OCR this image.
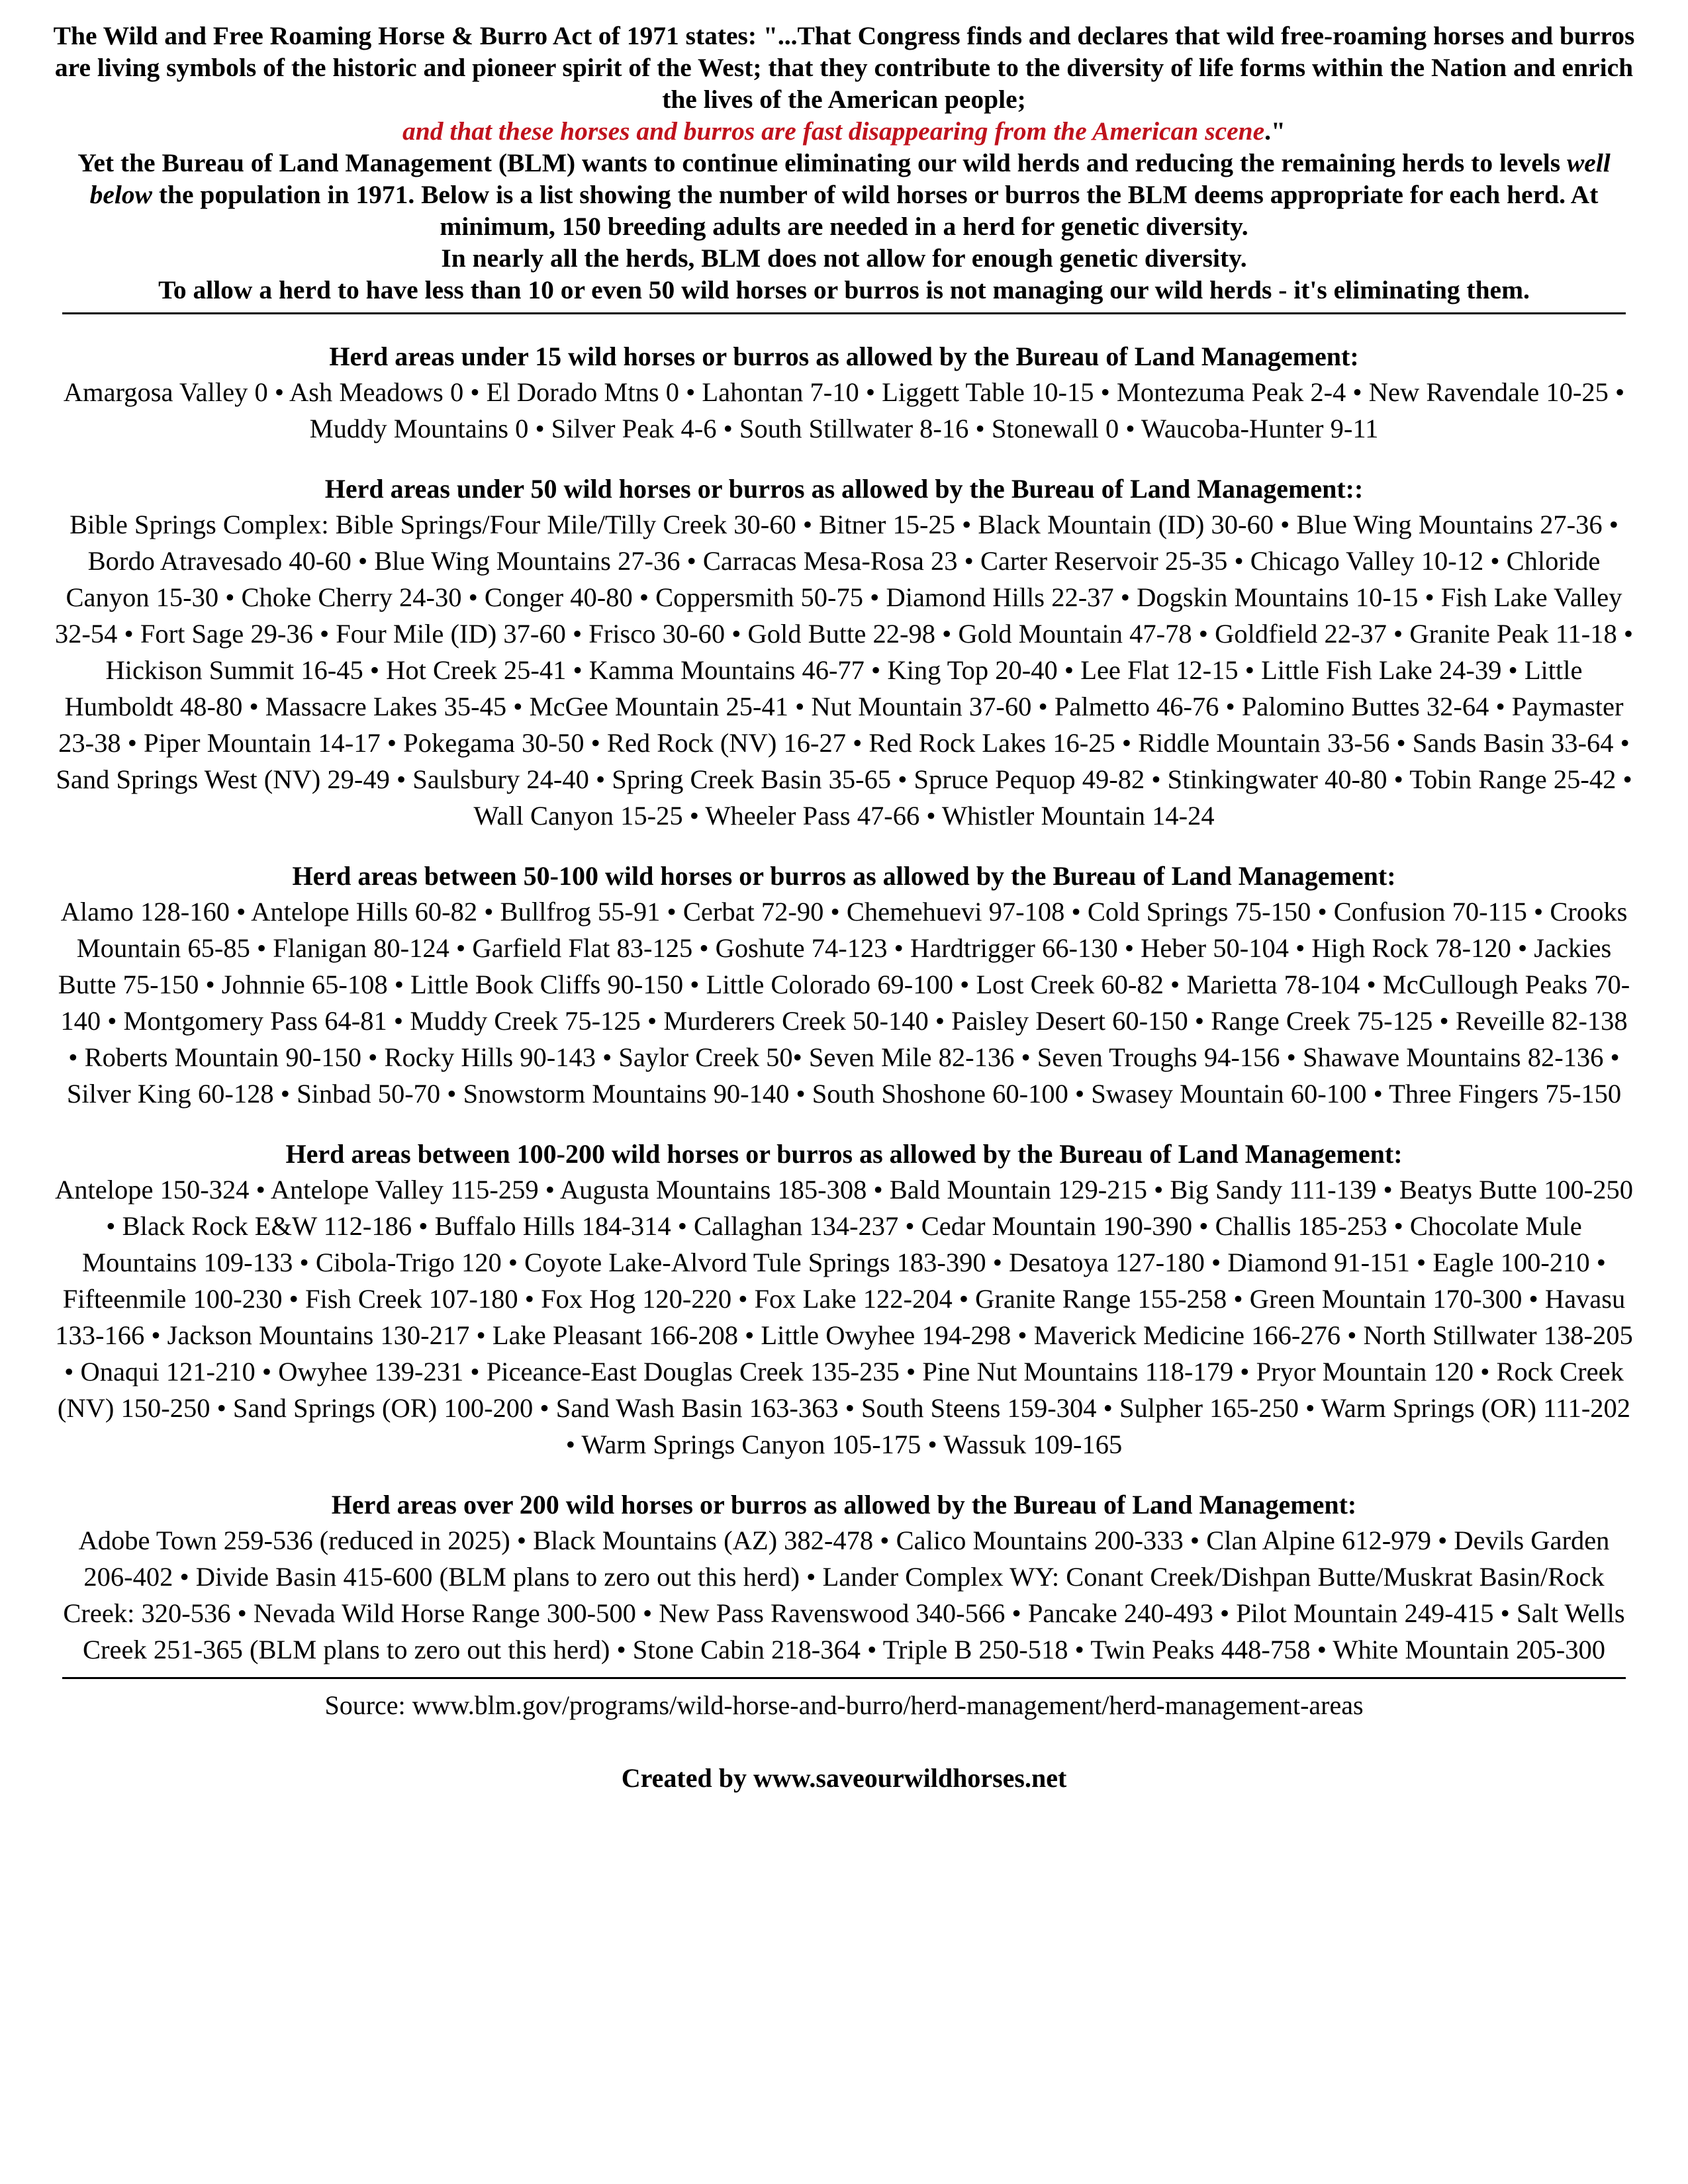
The Wild and Free Roaming Horse & Burro Act of 1971 states: "...That Congress finds and declares that wild free-roaming horses and burros are living symbols of the historic and pioneer spirit of the West; that they contribute to the diversity of life forms within the Nation and enrich the lives of the American people;
and that these horses and burros are fast disappearing from the American scene."

Yet the Bureau of Land Management (BLM) wants to continue eliminating our wild herds and reducing the remaining herds to levels well below the population in 1971. Below is a list showing the number of wild horses or burros the BLM deems appropriate for each herd. At minimum, 150 breeding adults are needed in a herd for genetic diversity.

In nearly all the herds, BLM does not allow for enough genetic diversity.

To allow a herd to have less than 10 or even 50 wild horses or burros is not managing our wild herds - it's eliminating them.

Herd areas under 15 wild horses or burros as allowed by the Bureau of Land Management:

Amargosa Valley 0 • Ash Meadows 0 • El Dorado Mtns 0 • Lahontan 7-10 • Liggett Table 10-15 • Montezuma Peak 2-4 • New Ravendale 10-25 • Muddy Mountains 0 • Silver Peak 4-6 • South Stillwater 8-16 • Stonewall 0 • Waucoba-Hunter 9-11

Herd areas under 50 wild horses or burros as allowed by the Bureau of Land Management::

Bible Springs Complex: Bible Springs/Four Mile/Tilly Creek 30-60 • Bitner 15-25 • Black Mountain (ID) 30-60 • Blue Wing Mountains 27-36 • Bordo Atravesado 40-60 • Blue Wing Mountains 27-36 • Carracas Mesa-Rosa 23 • Carter Reservoir 25-35 • Chicago Valley 10-12 • Chloride Canyon 15-30 • Choke Cherry 24-30 • Conger 40-80 • Coppersmith 50-75 • Diamond Hills 22-37 • Dogskin Mountains 10-15 • Fish Lake Valley 32-54 • Fort Sage 29-36 • Four Mile (ID) 37-60 • Frisco 30-60 • Gold Butte 22-98 • Gold Mountain 47-78 • Goldfield 22-37 • Granite Peak 11-18 • Hickison Summit 16-45 • Hot Creek 25-41 • Kamma Mountains 46-77 • King Top 20-40 • Lee Flat 12-15 • Little Fish Lake 24-39 • Little Humboldt 48-80 • Massacre Lakes 35-45 • McGee Mountain 25-41 • Nut Mountain 37-60 • Palmetto 46-76 • Palomino Buttes 32-64 • Paymaster 23-38 • Piper Mountain 14-17 • Pokegama 30-50 • Red Rock (NV) 16-27 • Red Rock Lakes 16-25 • Riddle Mountain 33-56 • Sands Basin 33-64 • Sand Springs West (NV) 29-49 • Saulsbury 24-40 • Spring Creek Basin 35-65 • Spruce Pequop 49-82 • Stinkingwater 40-80 • Tobin Range 25-42 • Wall Canyon 15-25 • Wheeler Pass 47-66 • Whistler Mountain 14-24

Herd areas between 50-100 wild horses or burros as allowed by the Bureau of Land Management:

Alamo 128-160 • Antelope Hills 60-82 • Bullfrog 55-91 • Cerbat 72-90 • Chemehuevi 97-108 • Cold Springs 75-150 • Confusion 70-115 • Crooks Mountain 65-85 • Flanigan 80-124 • Garfield Flat 83-125 • Goshute 74-123 • Hardtrigger 66-130 • Heber 50-104 • High Rock 78-120 • Jackies Butte 75-150 • Johnnie 65-108 • Little Book Cliffs 90-150 • Little Colorado 69-100 • Lost Creek 60-82 • Marietta 78-104 • McCullough Peaks 70-140 • Montgomery Pass 64-81 • Muddy Creek 75-125 • Murderers Creek 50-140 • Paisley Desert 60-150 • Range Creek 75-125 • Reveille 82-138 • Roberts Mountain 90-150 • Rocky Hills 90-143 • Saylor Creek 50• Seven Mile 82-136 • Seven Troughs 94-156 • Shawave Mountains 82-136 • Silver King 60-128 • Sinbad 50-70 • Snowstorm Mountains 90-140 • South Shoshone 60-100 • Swasey Mountain 60-100 • Three Fingers 75-150

Herd areas between 100-200 wild horses or burros as allowed by the Bureau of Land Management:

Antelope 150-324 • Antelope Valley 115-259 • Augusta Mountains 185-308 • Bald Mountain 129-215 • Big Sandy 111-139 • Beatys Butte 100-250 • Black Rock E&W 112-186 • Buffalo Hills 184-314 • Callaghan 134-237 • Cedar Mountain 190-390 • Challis 185-253 • Chocolate Mule Mountains 109-133 • Cibola-Trigo 120 • Coyote Lake-Alvord Tule Springs 183-390 • Desatoya 127-180 • Diamond 91-151 • Eagle 100-210 • Fifteenmile 100-230 • Fish Creek 107-180 • Fox Hog 120-220 • Fox Lake 122-204 • Granite Range 155-258 • Green Mountain 170-300 • Havasu 133-166 • Jackson Mountains 130-217 • Lake Pleasant 166-208 • Little Owyhee 194-298 • Maverick Medicine 166-276 • North Stillwater 138-205 • Onaqui 121-210 • Owyhee 139-231 • Piceance-East Douglas Creek 135-235 • Pine Nut Mountains 118-179 • Pryor Mountain 120 • Rock Creek (NV) 150-250 • Sand Springs (OR) 100-200 • Sand Wash Basin 163-363 • South Steens 159-304 • Sulpher 165-250 • Warm Springs (OR) 111-202 • Warm Springs Canyon 105-175 • Wassuk 109-165

Herd areas over 200 wild horses or burros as allowed by the Bureau of Land Management:

Adobe Town 259-536 (reduced in 2025) • Black Mountains (AZ) 382-478 • Calico Mountains 200-333 • Clan Alpine 612-979 • Devils Garden 206-402 • Divide Basin 415-600 (BLM plans to zero out this herd) • Lander Complex WY: Conant Creek/Dishpan Butte/Muskrat Basin/Rock Creek: 320-536 • Nevada Wild Horse Range 300-500 • New Pass Ravenswood 340-566 • Pancake 240-493 • Pilot Mountain 249-415 • Salt Wells Creek 251-365 (BLM plans to zero out this herd) • Stone Cabin 218-364 • Triple B 250-518 • Twin Peaks 448-758 • White Mountain 205-300

Source: www.blm.gov/programs/wild-horse-and-burro/herd-management/herd-management-areas
Created by www.saveourwildhorses.net
